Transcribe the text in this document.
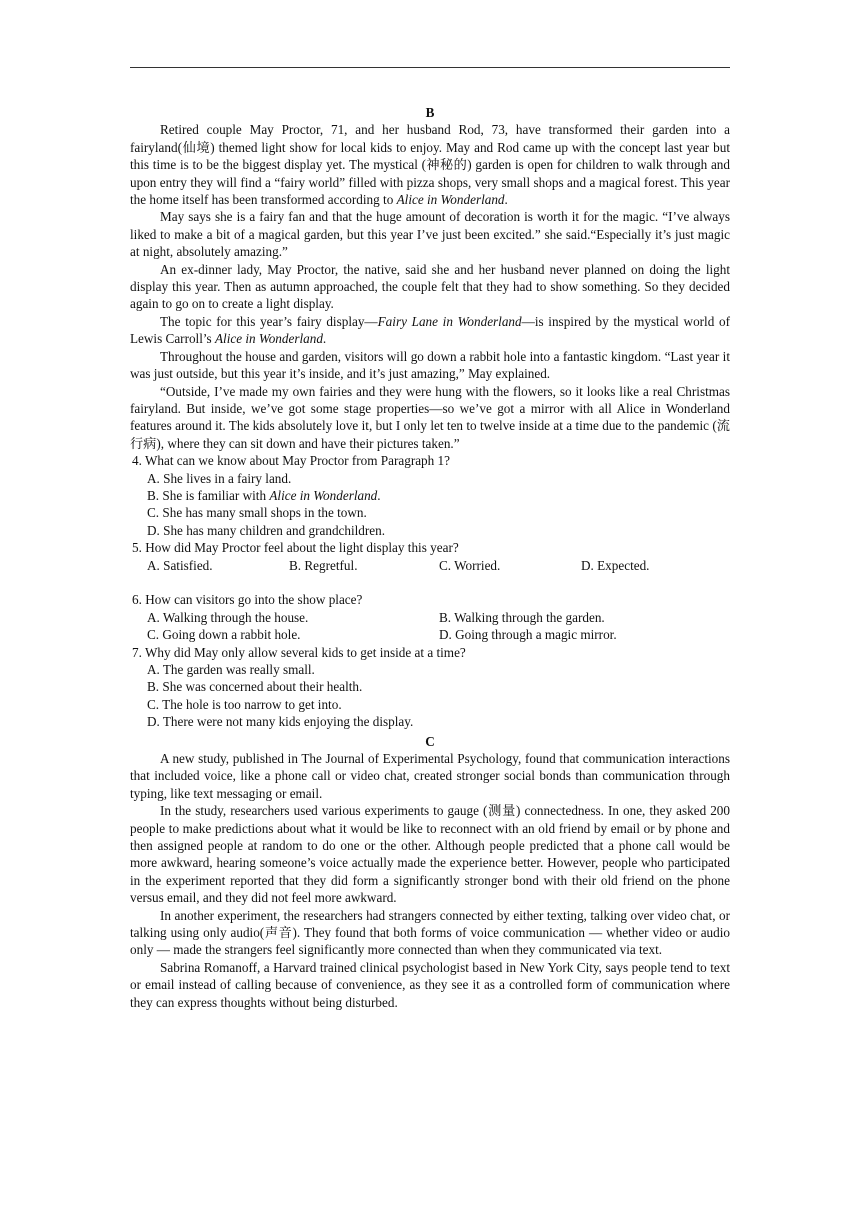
B

Retired couple May Proctor, 71, and her husband Rod, 73, have transformed their garden into a fairyland(仙境) themed light show for local kids to enjoy. May and Rod came up with the concept last year but this time is to be the biggest display yet. The mystical (神秘的) garden is open for children to walk through and upon entry they will find a “fairy world” filled with pizza shops, very small shops and a magical forest. This year the home itself has been transformed according to Alice in Wonderland.

May says she is a fairy fan and that the huge amount of decoration is worth it for the magic. “I’ve always liked to make a bit of a magical garden, but this year I’ve just been excited.” she said.“Especially it’s just magic at night, absolutely amazing.”

An ex-dinner lady, May Proctor, the native, said she and her husband never planned on doing the light display this year. Then as autumn approached, the couple felt that they had to show something. So they decided again to go on to create a light display.

The topic for this year’s fairy display—Fairy Lane in Wonderland—is inspired by the mystical world of Lewis Carroll’s Alice in Wonderland.

Throughout the house and garden, visitors will go down a rabbit hole into a fantastic kingdom. “Last year it was just outside, but this year it’s inside, and it’s just amazing,” May explained.

“Outside, I’ve made my own fairies and they were hung with the flowers, so it looks like a real Christmas fairyland. But inside, we’ve got some stage properties—so we’ve got a mirror with all Alice in Wonderland features around it. The kids absolutely love it, but I only let ten to twelve inside at a time due to the pandemic (流行病), where they can sit down and have their pictures taken.”

4. What can we know about May Proctor from Paragraph 1?
A. She lives in a fairy land.
B. She is familiar with Alice in Wonderland.
C. She has many small shops in the town.
D. She has many children and grandchildren.
5. How did May Proctor feel about the light display this year?
A. Satisfied.	B. Regretful.	C. Worried.	D. Expected.
6. How can visitors go into the show place?
A. Walking through the house.	B. Walking through the garden.
C. Going down a rabbit hole.	D. Going through a magic mirror.
7. Why did May only allow several kids to get inside at a time?
A. The garden was really small.
B. She was concerned about their health.
C. The hole is too narrow to get into.
D. There were not many kids enjoying the display.
C

A new study, published in The Journal of Experimental Psychology, found that communication interactions that included voice, like a phone call or video chat, created stronger social bonds than communication through typing, like text messaging or email.

In the study, researchers used various experiments to gauge (测量) connectedness. In one, they asked 200 people to make predictions about what it would be like to reconnect with an old friend by email or by phone and then assigned people at random to do one or the other. Although people predicted that a phone call would be more awkward, hearing someone’s voice actually made the experience better. However, people who participated in the experiment reported that they did form a significantly stronger bond with their old friend on the phone versus email, and they did not feel more awkward.

In another experiment, the researchers had strangers connected by either texting, talking over video chat, or talking using only audio(声音). They found that both forms of voice communication — whether video or audio only — made the strangers feel significantly more connected than when they communicated via text.

Sabrina Romanoff, a Harvard trained clinical psychologist based in New York City, says people tend to text or email instead of calling because of convenience, as they see it as a controlled form of communication where they can express thoughts without being disturbed.
